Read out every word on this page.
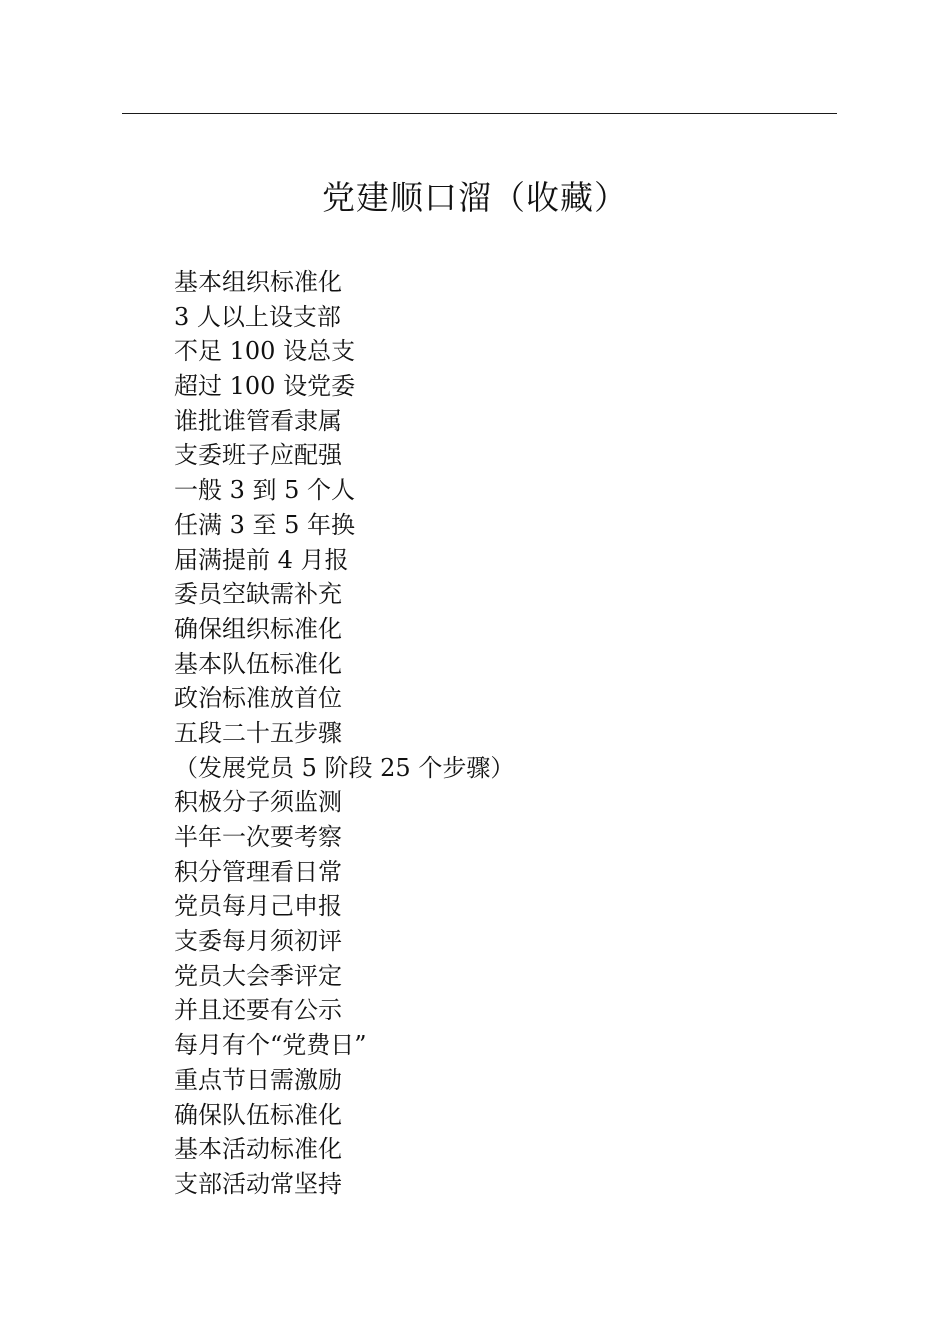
党建顺口溜（收藏）
基本组织标准化
3 人以上设支部
不足 100 设总支
超过 100 设党委
谁批谁管看隶属
支委班子应配强
一般 3 到 5 个人
任满 3 至 5 年换
届满提前 4 月报
委员空缺需补充
确保组织标准化
基本队伍标准化
政治标准放首位
五段二十五步骤
（发展党员 5 阶段 25 个步骤）
积极分子须监测
半年一次要考察
积分管理看日常
党员每月己申报
支委每月须初评
党员大会季评定
并且还要有公示
每月有个“党费日”
重点节日需激励
确保队伍标准化
基本活动标准化
支部活动常坚持
